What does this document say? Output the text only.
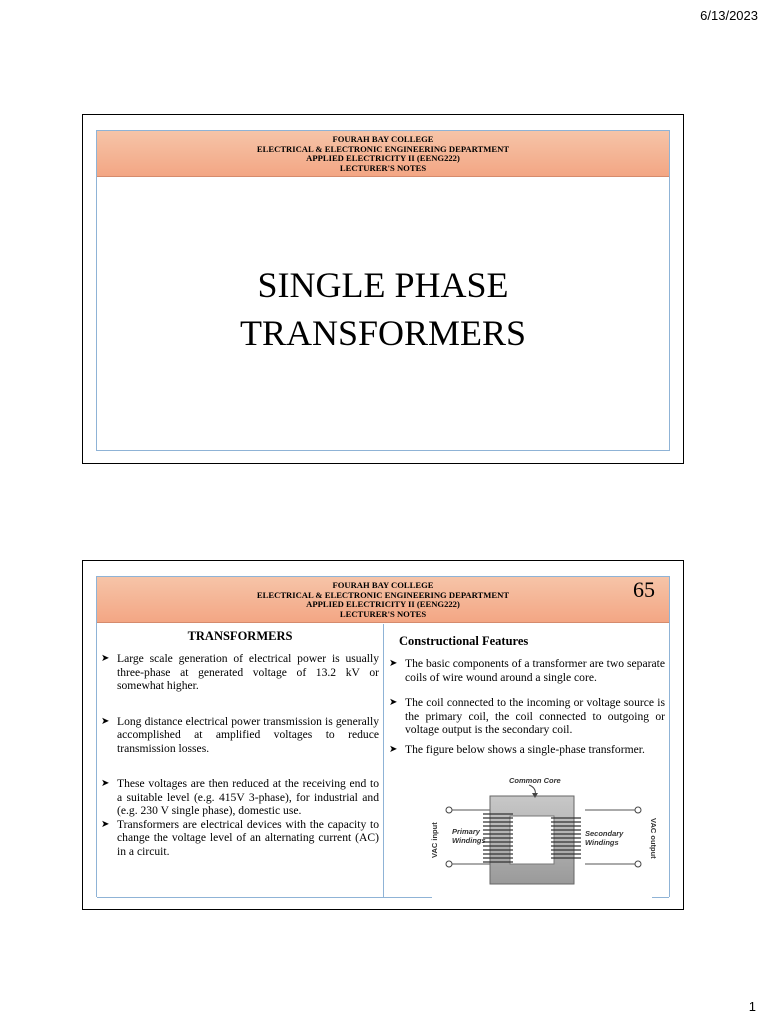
6/13/2023
FOURAH BAY COLLEGE
ELECTRICAL & ELECTRONIC ENGINEERING DEPARTMENT
APPLIED ELECTRICITY II (EENG222)
LECTURER'S NOTES
SINGLE PHASE
TRANSFORMERS
FOURAH BAY COLLEGE
ELECTRICAL & ELECTRONIC ENGINEERING DEPARTMENT
APPLIED ELECTRICITY II (EENG222)
LECTURER'S NOTES
65
TRANSFORMERS
➤ Large scale generation of electrical power is usually three-phase at generated voltage of 13.2 kV or somewhat higher.
➤ Long distance electrical power transmission is generally accomplished at amplified voltages to reduce transmission losses.
➤ These voltages are then reduced at the receiving end to a suitable level (e.g. 415V 3-phase), for industrial and (e.g. 230 V single phase), domestic use.
➤ Transformers are electrical devices with the capacity to change the voltage level of an alternating current (AC) in a circuit.
Constructional Features
➤ The basic components of a transformer are two separate coils of wire wound around a single core.
➤ The coil connected to the incoming or voltage source is the primary coil, the coil connected to outgoing or voltage output is the secondary coil.
➤ The figure below shows a single-phase transformer.
Common Core
Primary
Windings
Secondary
Windings
VAC input	VAC output
1
